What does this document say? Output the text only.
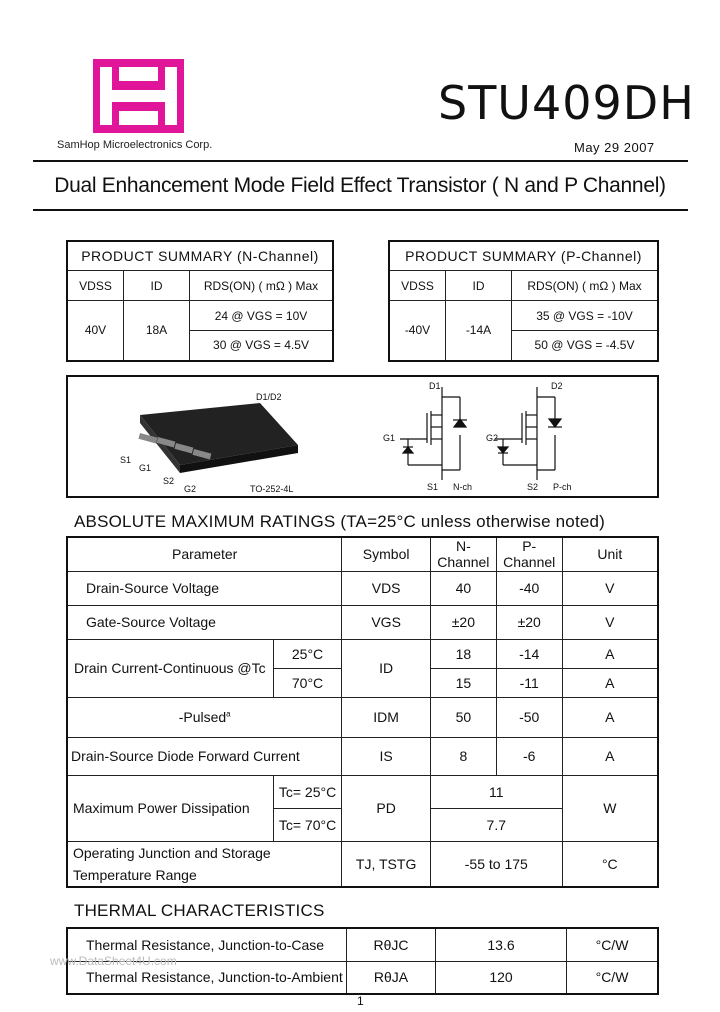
SamHop Microelectronics Corp.
STU409DH
May 29 2007
Dual Enhancement Mode Field Effect Transistor ( N and P Channel)
PRODUCT SUMMARY (N-Channel)		
VDSS	ID	RDS(ON) ( mΩ ) Max
40V	18A	24 @ VGS = 10V
		30 @ VGS = 4.5V
PRODUCT SUMMARY (P-Channel)		
VDSS	ID	RDS(ON) ( mΩ ) Max
-40V	-14A	35 @ VGS = -10V
		50 @ VGS = -4.5V
D1/D2
S1
G1
S2
G2	TO-252-4L
D1
G1
S1 N-ch
D2
G2
S2 P-ch
ABSOLUTE MAXIMUM RATINGS (TA=25°C unless otherwise noted)
Parameter		Symbol	N-Channel	P-Channel	Unit
Drain-Source Voltage		VDS	40	-40	V
Gate-Source Voltage		VGS	±20	±20	V
Drain Current-Continuous @Tc	25°C	ID	18	-14	A
	70°C		15	-11	A
-Pulsed$^a$		IDM	50	-50	A
Drain-Source Diode Forward Current		IS	8	-6	A
Maximum Power Dissipation	Tc= 25°C	PD	11		W
	Tc= 70°C		7.7		

Operating Junction and Storage
Temperature Range		TJ, TSTG	-55 to 175		°C
THERMAL CHARACTERISTICS
Thermal Resistance, Junction-to-Case	RθJC	13.6	°C/W
Thermal Resistance, Junction-to-Ambient	RθJA	120	°C/W
www.DataSheet4U.com
1
